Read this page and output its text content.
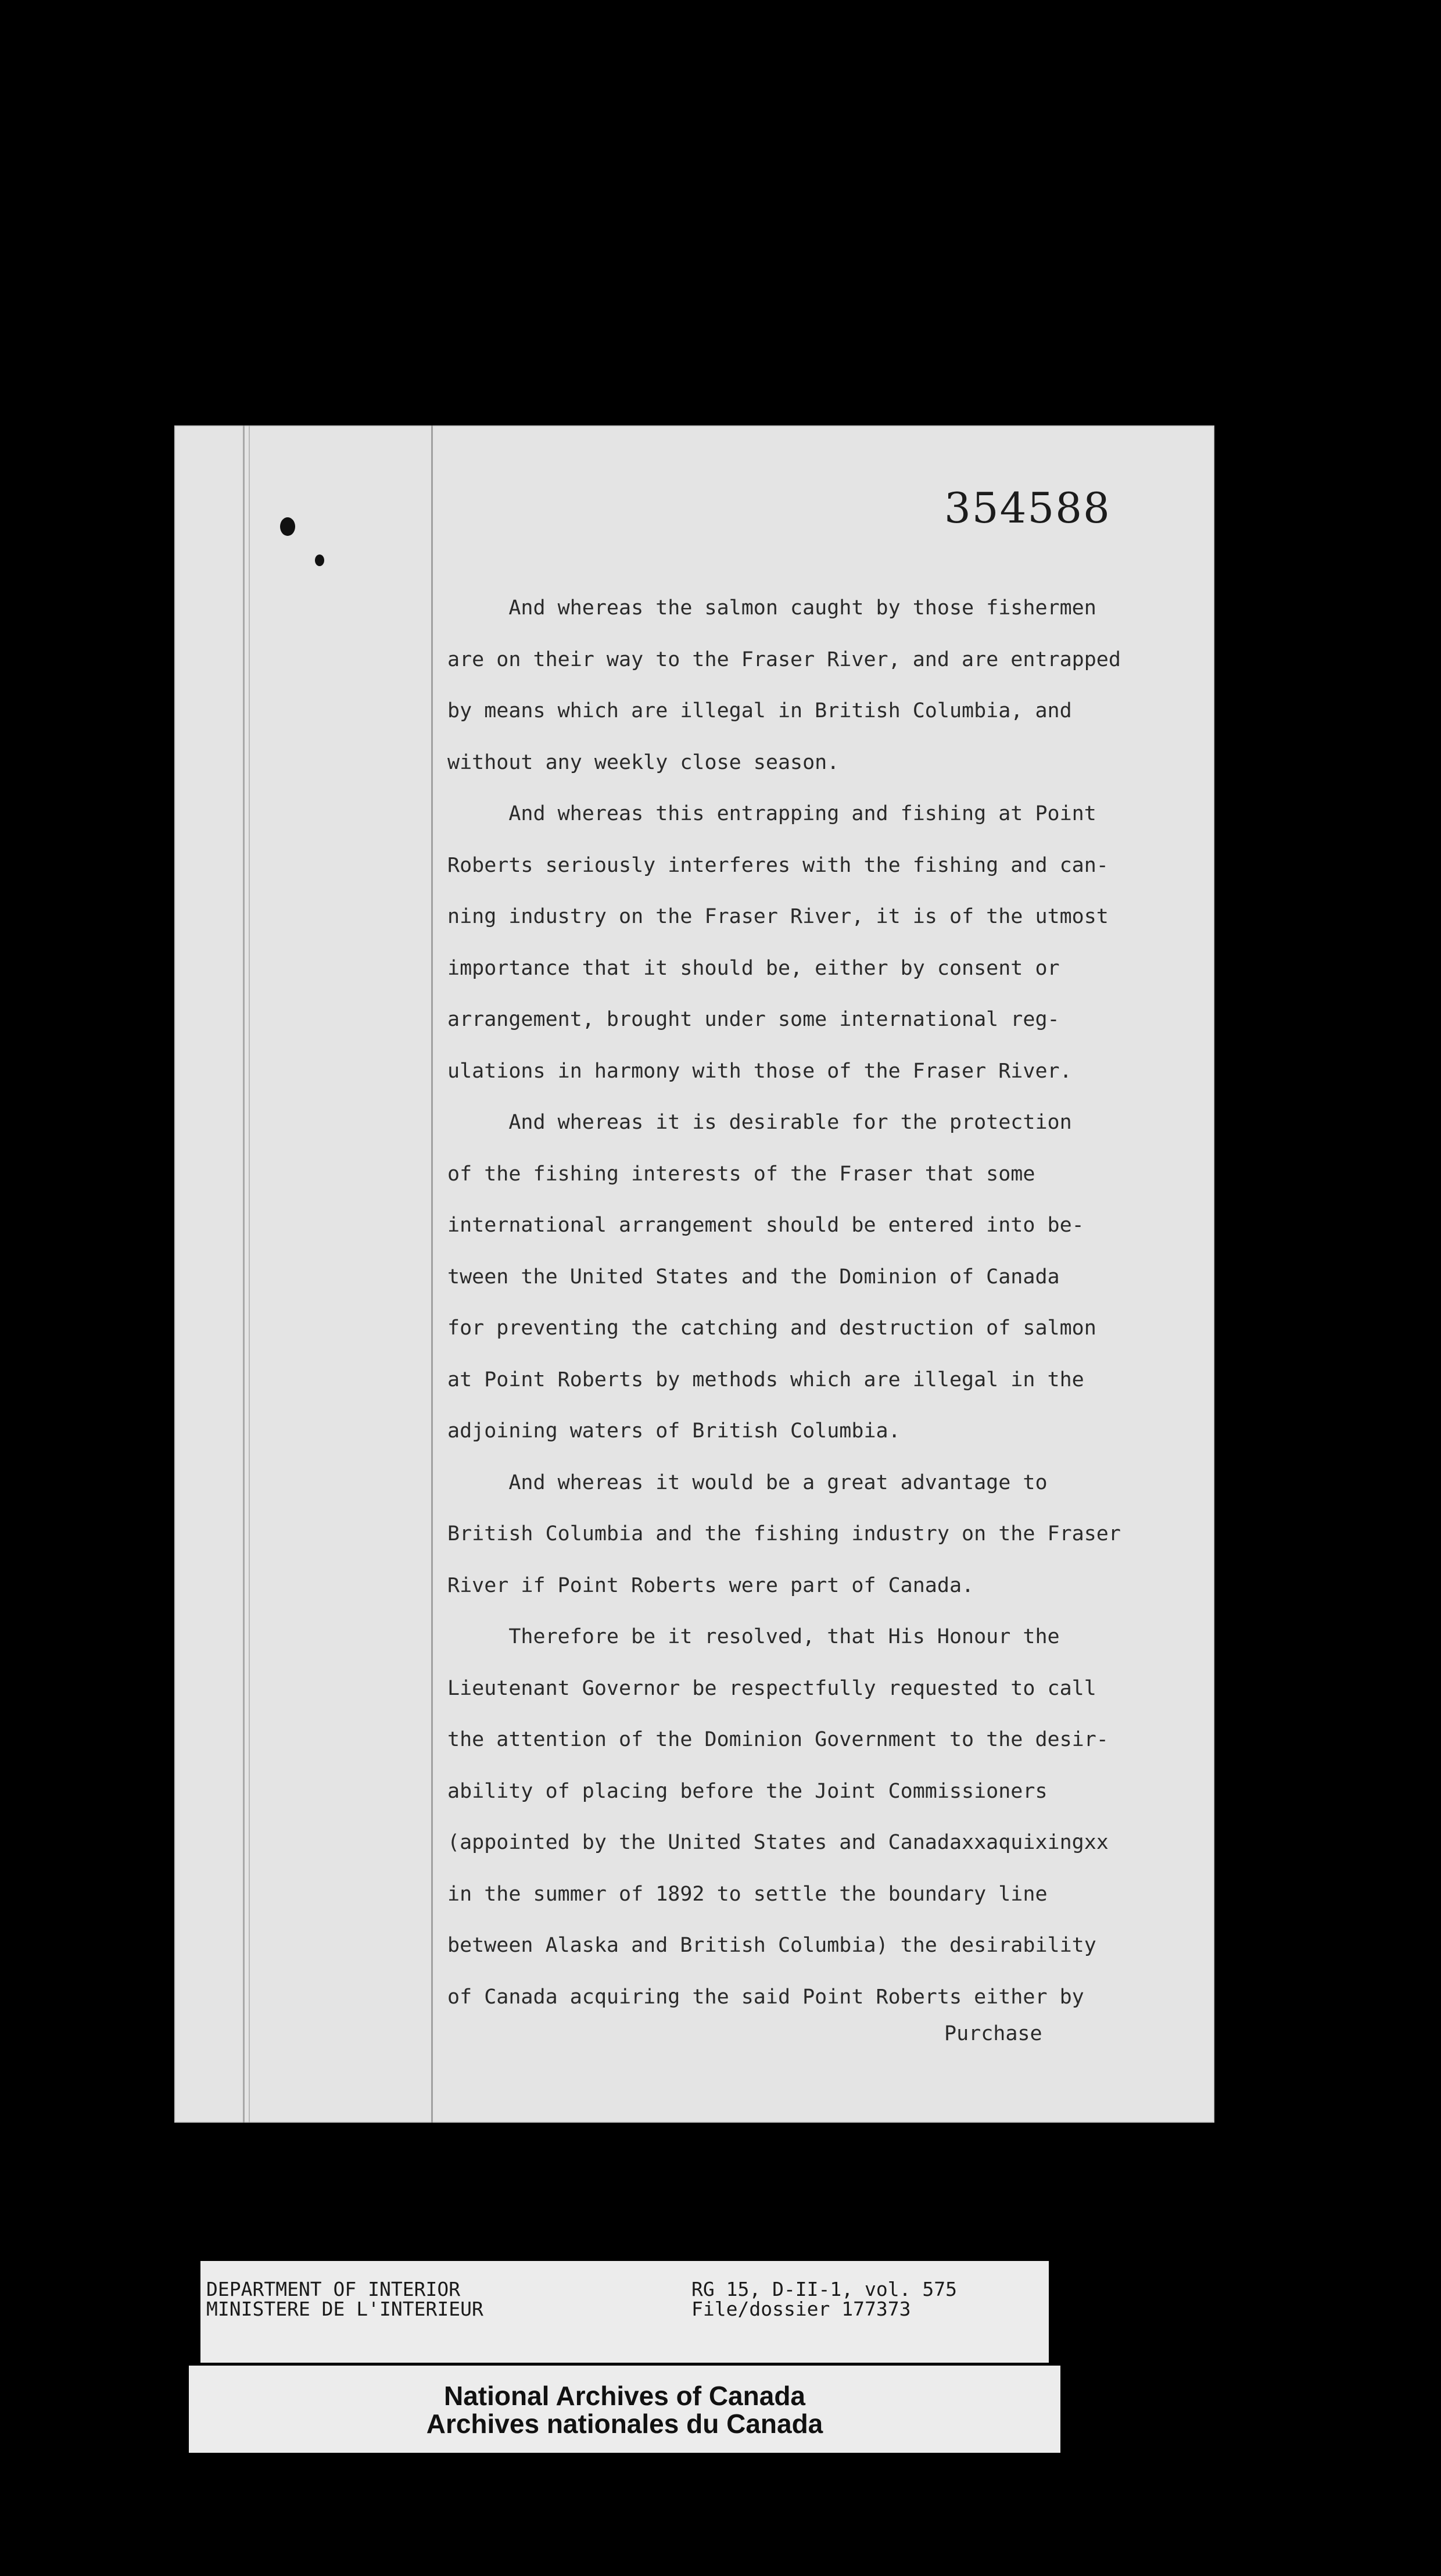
354588
And whereas the salmon caught by those fishermen
are on their way to the Fraser River, and are entrapped
by means which are illegal in British Columbia, and
without any weekly close season.
And whereas this entrapping and fishing at Point
Roberts seriously interferes with the fishing and can-
ning industry on the Fraser River, it is of the utmost
importance that it should be, either by consent or
arrangement, brought under some international reg-
ulations in harmony with those of the Fraser River.
And whereas it is desirable for the protection
of the fishing interests of the Fraser that some
international arrangement should be entered into be-
tween the United States and the Dominion of Canada
for preventing the catching and destruction of salmon
at Point Roberts by methods which are illegal in the
adjoining waters of British Columbia.
And whereas it would be a great advantage to
British Columbia and the fishing industry on the Fraser
River if Point Roberts were part of Canada.
Therefore be it resolved, that His Honour the
Lieutenant Governor be respectfully requested to call
the attention of the Dominion Government to the desir-
ability of placing before the Joint Commissioners
(appointed by the United States and Canadaxxaquixingxx
in the summer of 1892 to settle the boundary line
between Alaska and British Columbia) the desirability
of Canada acquiring the said Point Roberts either by
Purchase
DEPARTMENT OF INTERIOR
MINISTERE DE L'INTERIEUR
RG 15, D-II-1, vol. 575
File/dossier 177373
National Archives of Canada
Archives nationales du Canada
